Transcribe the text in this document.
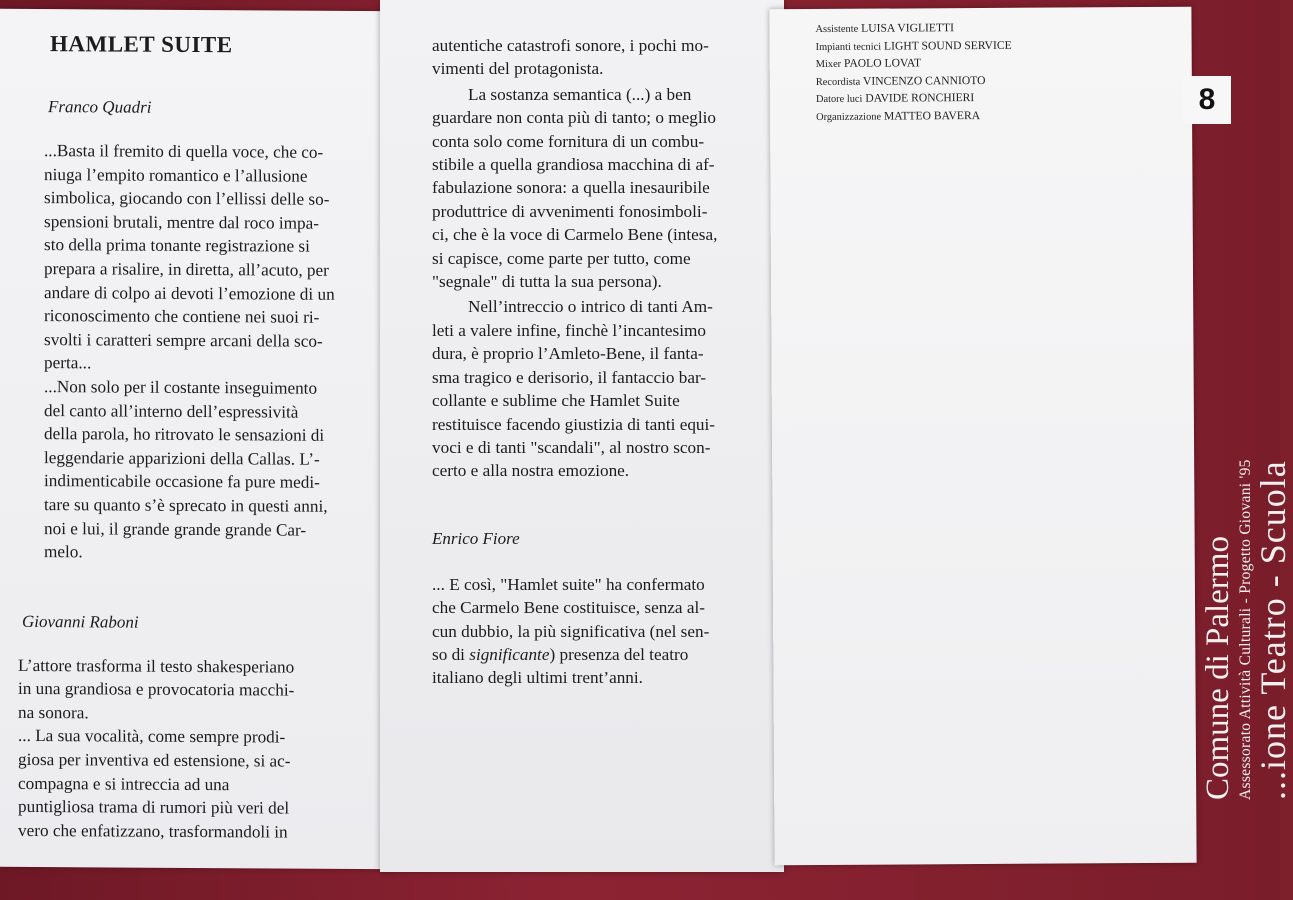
HAMLET SUITE
Franco Quadri
...Basta il fremito di quella voce, che co-
niuga l’empito romantico e l’allusione
simbolica, giocando con l’ellissi delle so-
spensioni brutali, mentre dal roco impa-
sto della prima tonante registrazione si
prepara a risalire, in diretta, all’acuto, per
andare di colpo ai devoti l’emozione di un
riconoscimento che contiene nei suoi ri-
svolti i caratteri sempre arcani della sco-
perta...
...Non solo per il costante inseguimento
del canto all’interno dell’espressività
della parola, ho ritrovato le sensazioni di
leggendarie apparizioni della Callas. L’-
indimenticabile occasione fa pure medi-
tare su quanto s’è sprecato in questi anni,
noi e lui, il grande grande grande Car-
melo.
Giovanni Raboni
L’attore trasforma il testo shakesperiano
in una grandiosa e provocatoria macchi-
na sonora.
... La sua vocalità, come sempre prodi-
giosa per inventiva ed estensione, si ac-
compagna e si intreccia ad una
puntigliosa trama di rumori più veri del
vero che enfatizzano, trasformandoli in
autentiche catastrofi sonore, i pochi mo-
vimenti del protagonista.
La sostanza semantica (...) a ben
guardare non conta più di tanto; o meglio
conta solo come fornitura di un combu-
stibile a quella grandiosa macchina di af-
fabulazione sonora: a quella inesauribile
produttrice di avvenimenti fonosimboli-
ci, che è la voce di Carmelo Bene (intesa,
si capisce, come parte per tutto, come
"segnale" di tutta la sua persona).
Nell’intreccio o intrico di tanti Am-
leti a valere infine, finchè l’incantesimo
dura, è proprio l’Amleto-Bene, il fanta-
sma tragico e derisorio, il fantaccio bar-
collante e sublime che Hamlet Suite
restituisce facendo giustizia di tanti equi-
voci e di tanti "scandali", al nostro scon-
certo e alla nostra emozione.
Enrico Fiore
... E così, "Hamlet suite" ha confermato
che Carmelo Bene costituisce, senza al-
cun dubbio, la più significativa (nel sen-
so di significante) presenza del teatro
italiano degli ultimi trent’anni.
Assistente LUISA VIGLIETTI
Impianti tecnici LIGHT SOUND SERVICE
Mixer PAOLO LOVAT
Recordista VINCENZO CANNIOTO
Datore luci DAVIDE RONCHIERI
Organizzazione MATTEO BAVERA	8
Comune di Palermo Assessorato Attività Culturali - Progetto Giovani '95 ...ione Teatro - Scuola
